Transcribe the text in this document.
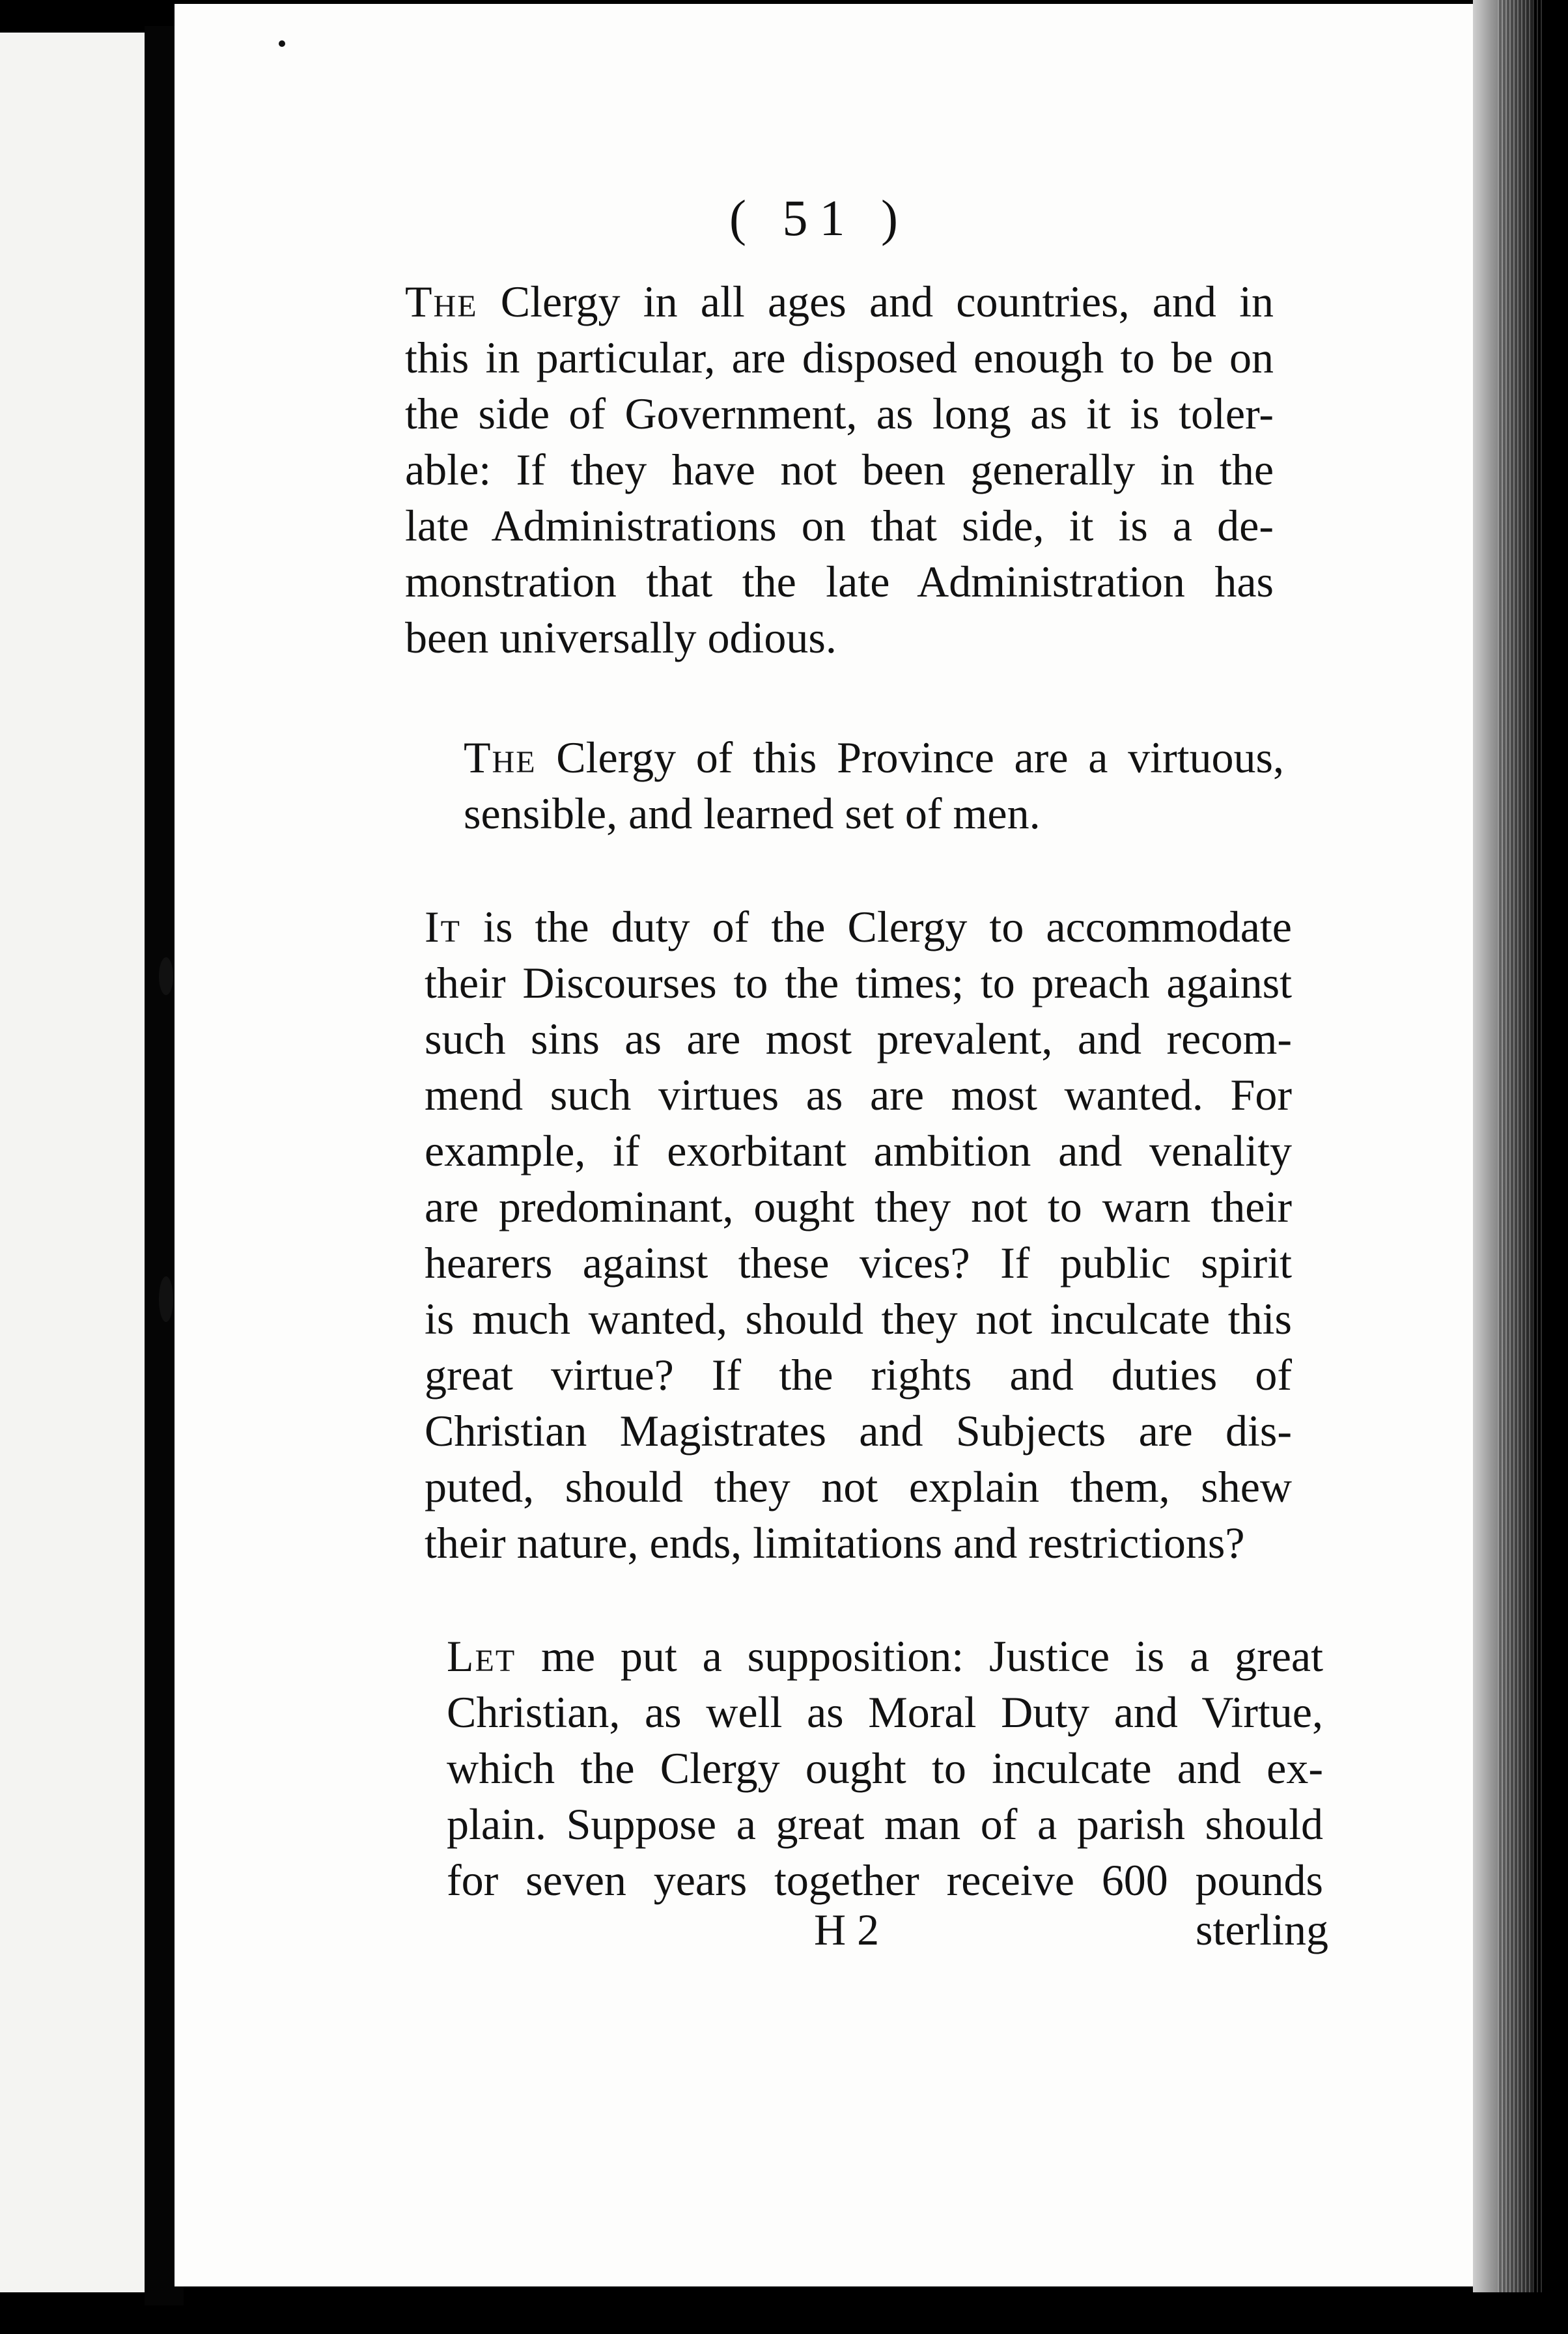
( 51 )

The Clergy in all ages and countries, and in
this in particular, are disposed enough to be on
the side of Government, as long as it is toler-
able: If they have not been generally in the
late Administrations on that side, it is a de-
monstration that the late Administration has
been universally odious.

The Clergy of this Province are a virtuous,
sensible, and learned set of men.

It is the duty of the Clergy to accommodate
their Discourses to the times; to preach against
such sins as are most prevalent, and recom-
mend such virtues as are most wanted. For
example, if exorbitant ambition and venality
are predominant, ought they not to warn their
hearers against these vices? If public spirit
is much wanted, should they not inculcate this
great virtue? If the rights and duties of
Christian Magistrates and Subjects are dis-
puted, should they not explain them, shew
their nature, ends, limitations and restrictions?

Let me put a supposition: Justice is a great
Christian, as well as Moral Duty and Virtue,
which the Clergy ought to inculcate and ex-
plain. Suppose a great man of a parish should
for seven years together receive 600 pounds

H 2	sterling
